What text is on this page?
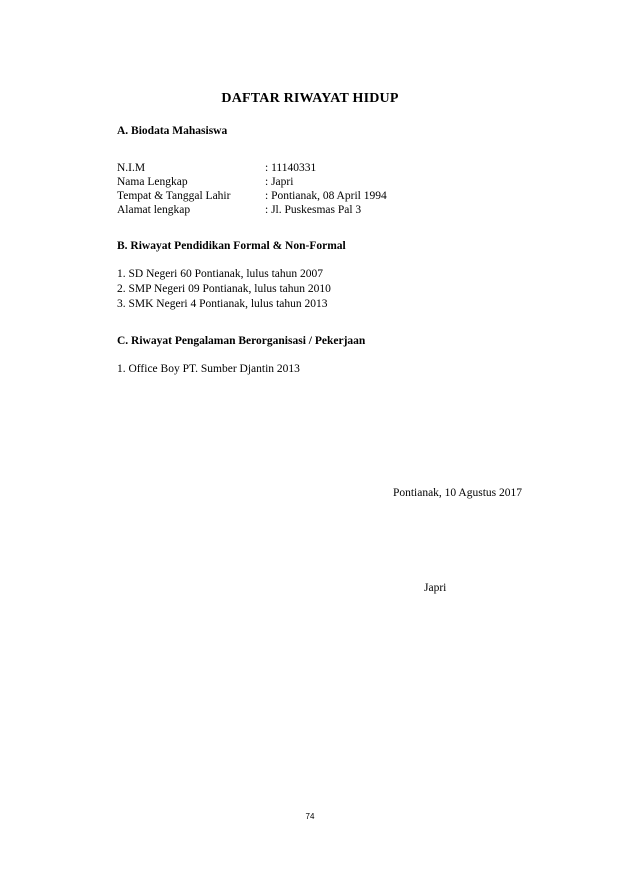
DAFTAR RIWAYAT HIDUP
A. Biodata Mahasiswa
N.I.M	: 11140331
Nama Lengkap	: Japri
Tempat & Tanggal Lahir	: Pontianak, 08 April 1994
Alamat lengkap	: Jl. Puskesmas Pal 3
B. Riwayat Pendidikan Formal & Non-Formal
1. SD Negeri 60 Pontianak, lulus tahun 2007
2. SMP Negeri 09 Pontianak, lulus tahun 2010
3. SMK Negeri 4 Pontianak, lulus tahun 2013
C. Riwayat Pengalaman Berorganisasi / Pekerjaan
1. Office Boy PT. Sumber Djantin 2013
Pontianak, 10 Agustus 2017
Japri
74
